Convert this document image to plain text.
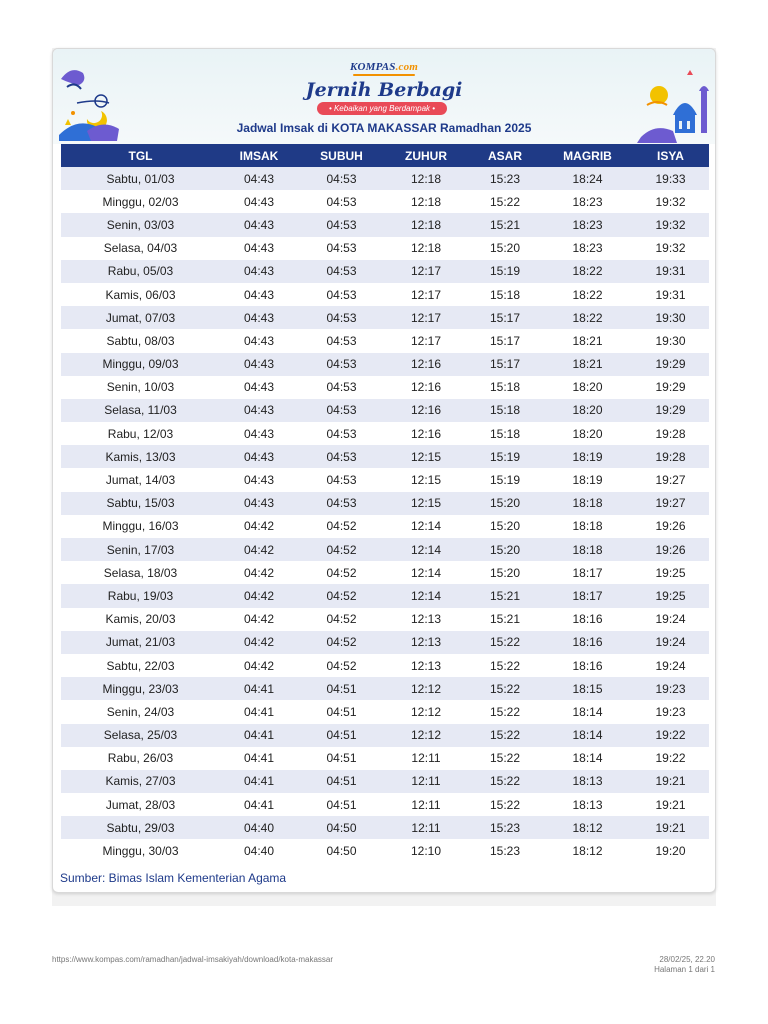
KOMPAS.com
Jernih Berbagi
• Kebaikan yang Berdampak •
Jadwal Imsak di KOTA MAKASSAR Ramadhan 2025
TGL	IMSAK	SUBUH	ZUHUR	ASAR	MAGRIB	ISYA
Sabtu, 01/03	04:43	04:53	12:18	15:23	18:24	19:33
Minggu, 02/03	04:43	04:53	12:18	15:22	18:23	19:32
Senin, 03/03	04:43	04:53	12:18	15:21	18:23	19:32
Selasa, 04/03	04:43	04:53	12:18	15:20	18:23	19:32
Rabu, 05/03	04:43	04:53	12:17	15:19	18:22	19:31
Kamis, 06/03	04:43	04:53	12:17	15:18	18:22	19:31
Jumat, 07/03	04:43	04:53	12:17	15:17	18:22	19:30
Sabtu, 08/03	04:43	04:53	12:17	15:17	18:21	19:30
Minggu, 09/03	04:43	04:53	12:16	15:17	18:21	19:29
Senin, 10/03	04:43	04:53	12:16	15:18	18:20	19:29
Selasa, 11/03	04:43	04:53	12:16	15:18	18:20	19:29
Rabu, 12/03	04:43	04:53	12:16	15:18	18:20	19:28
Kamis, 13/03	04:43	04:53	12:15	15:19	18:19	19:28
Jumat, 14/03	04:43	04:53	12:15	15:19	18:19	19:27
Sabtu, 15/03	04:43	04:53	12:15	15:20	18:18	19:27
Minggu, 16/03	04:42	04:52	12:14	15:20	18:18	19:26
Senin, 17/03	04:42	04:52	12:14	15:20	18:18	19:26
Selasa, 18/03	04:42	04:52	12:14	15:20	18:17	19:25
Rabu, 19/03	04:42	04:52	12:14	15:21	18:17	19:25
Kamis, 20/03	04:42	04:52	12:13	15:21	18:16	19:24
Jumat, 21/03	04:42	04:52	12:13	15:22	18:16	19:24
Sabtu, 22/03	04:42	04:52	12:13	15:22	18:16	19:24
Minggu, 23/03	04:41	04:51	12:12	15:22	18:15	19:23
Senin, 24/03	04:41	04:51	12:12	15:22	18:14	19:23
Selasa, 25/03	04:41	04:51	12:12	15:22	18:14	19:22
Rabu, 26/03	04:41	04:51	12:11	15:22	18:14	19:22
Kamis, 27/03	04:41	04:51	12:11	15:22	18:13	19:21
Jumat, 28/03	04:41	04:51	12:11	15:22	18:13	19:21
Sabtu, 29/03	04:40	04:50	12:11	15:23	18:12	19:21
Minggu, 30/03	04:40	04:50	12:10	15:23	18:12	19:20
Sumber: Bimas Islam Kementerian Agama
https://www.kompas.com/ramadhan/jadwal-imsakiyah/download/kota-makassar	28/02/25, 22.20
Halaman 1 dari 1
